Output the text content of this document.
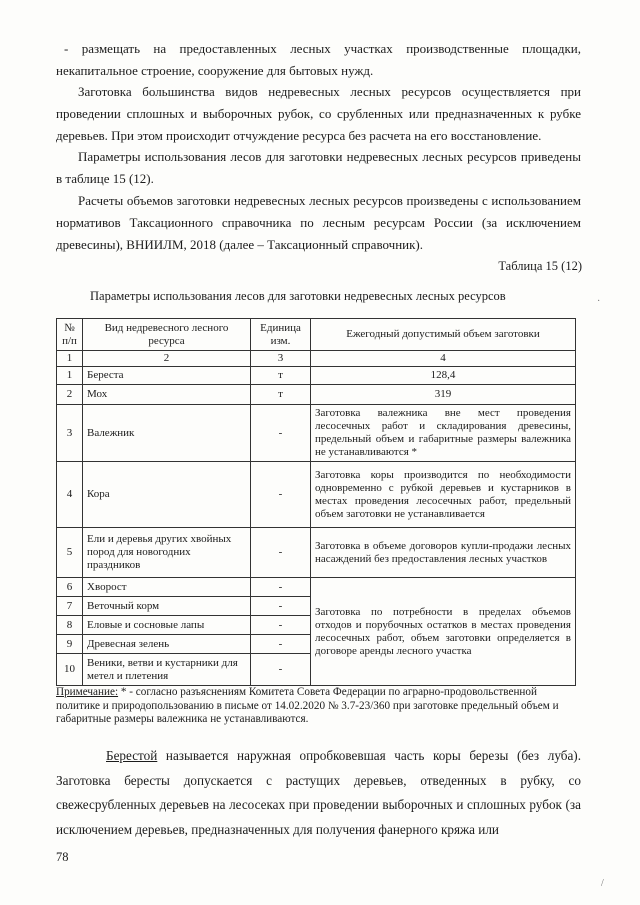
- размещать на предоставленных лесных участках производственные площадки, некапитальное строение, сооружение для бытовых нужд.
Заготовка большинства видов недревесных лесных ресурсов осуществляется при проведении сплошных и выборочных рубок, со срубленных или предназначенных к рубке деревьев. При этом происходит отчуждение ресурса без расчета на его восстановление.
Параметры использования лесов для заготовки недревесных лесных ресурсов приведены в таблице 15 (12).
Расчеты объемов заготовки недревесных лесных ресурсов произведены с использованием нормативов Таксационного справочника по лесным ресурсам России (за исключением древесины), ВНИИЛМ, 2018 (далее – Таксационный справочник).
Таблица 15 (12)
Параметры использования лесов для заготовки недревесных лесных ресурсов
№ п/п	Вид недревесного лесного ресурса	Единица изм.	Ежегодный допустимый объем заготовки
1	2	3	4
1	Береста	т	128,4
2	Мох	т	319
3	Валежник	-	Заготовка валежника вне мест проведения лесосечных работ и складирования древесины, предельный объем и габаритные размеры валежника не устанавливаются *
4	Кора	-	Заготовка коры производится по необходимости одновременно с рубкой деревьев и кустарников в местах проведения лесосечных работ, предельный объем заготовки не устанавливается
5	Ели и деревья других хвойных пород для новогодних праздников	-	Заготовка в объеме договоров купли-продажи лесных насаждений без предоставления лесных участков
6	Хворост	-	Заготовка по потребности в пределах объемов отходов и порубочных остатков в местах проведения лесосечных работ, объем заготовки определяется в договоре аренды лесного участка
7	Веточный корм	-	
8	Еловые и сосновые лапы	-	
9	Древесная зелень	-	
10	Веники, ветви и кустарники для метел и плетения	-	
Примечание: * - согласно разъяснениям Комитета Совета Федерации по аграрно-продовольственной политике и природопользованию в письме от 14.02.2020 № 3.7-23/360 при заготовке предельный объем и габаритные размеры валежника не устанавливаются.
Берестой называется наружная опробковевшая часть коры березы (без луба). Заготовка бересты допускается с растущих деревьев, отведенных в рубку, со свежесрубленных деревьев на лесосеках при проведении выборочных и сплошных рубок (за исключением деревьев, предназначенных для получения фанерного кряжа или
78
·
/
